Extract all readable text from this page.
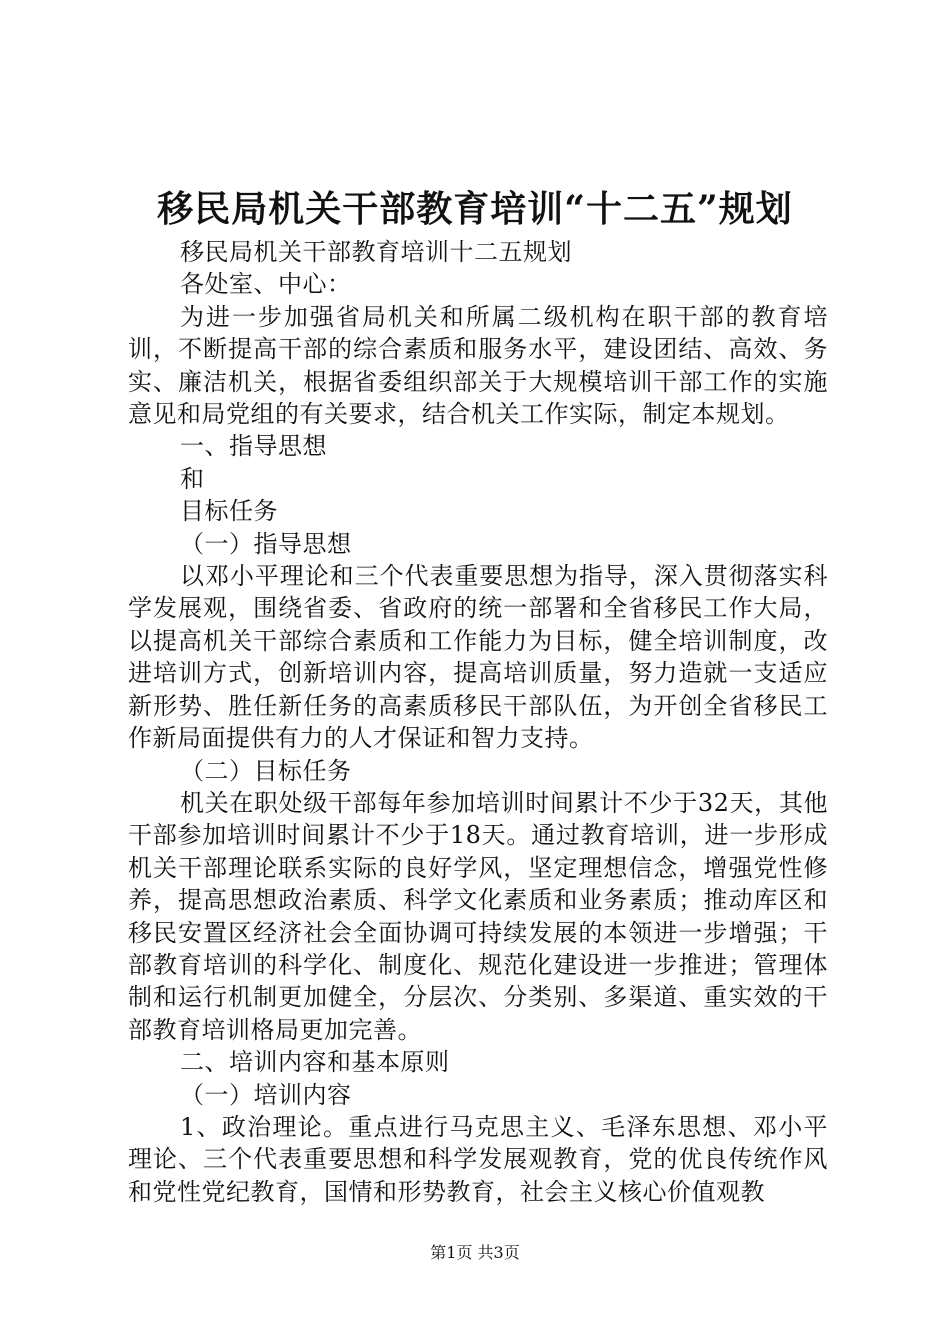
移民局机关干部教育培训“十二五”规划

移民局机关干部教育培训十二五规划

各处室、中心：

为进一步加强省局机关和所属二级机构在职干部的教育培训，不断提高干部的综合素质和服务水平，建设团结、高效、务实、廉洁机关，根据省委组织部关于大规模培训干部工作的实施意见和局党组的有关要求，结合机关工作实际，制定本规划。

一、指导思想

和

目标任务

（一）指导思想

以邓小平理论和三个代表重要思想为指导，深入贯彻落实科学发展观，围绕省委、省政府的统一部署和全省移民工作大局，以提高机关干部综合素质和工作能力为目标，健全培训制度，改进培训方式，创新培训内容，提高培训质量，努力造就一支适应新形势、胜任新任务的高素质移民干部队伍，为开创全省移民工作新局面提供有力的人才保证和智力支持。

（二）目标任务

机关在职处级干部每年参加培训时间累计不少于32天，其他干部参加培训时间累计不少于18天。通过教育培训，进一步形成机关干部理论联系实际的良好学风，坚定理想信念，增强党性修养，提高思想政治素质、科学文化素质和业务素质；推动库区和移民安置区经济社会全面协调可持续发展的本领进一步增强；干部教育培训的科学化、制度化、规范化建设进一步推进；管理体制和运行机制更加健全，分层次、分类别、多渠道、重实效的干部教育培训格局更加完善。

二、培训内容和基本原则

（一）培训内容

1、政治理论。重点进行马克思主义、毛泽东思想、邓小平理论、三个代表重要思想和科学发展观教育，党的优良传统作风和党性党纪教育，国情和形势教育，社会主义核心价值观教

第1页 共3页
